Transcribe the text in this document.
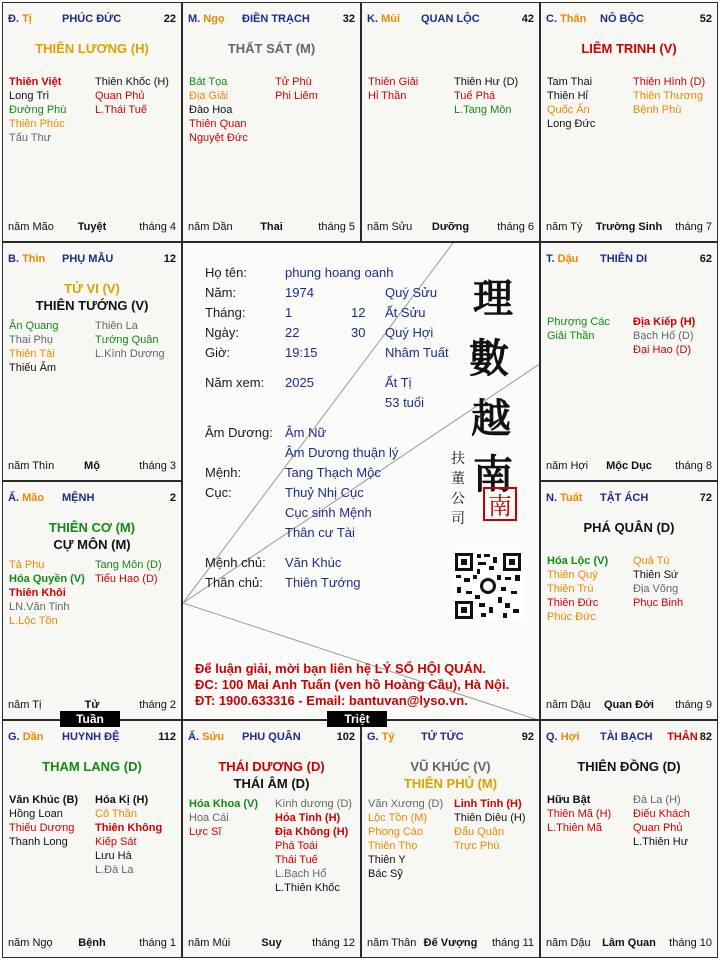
Đ. Tị	PHÚC ĐỨC	22
THIÊN LƯƠNG (H)
Thiên Việt
Long Trì
Đường Phù
Thiên Phúc
Tấu Thư
Thiên Khốc (H)
Quan Phủ
L.Thái Tuế
năm Mão	Tuyệt	tháng 4
M. Ngọ ĐIỀN TRẠCH	32
THẤT SÁT (M)
Bát Tọa
Địa Giải
Đào Hoa
Thiên Quan
Nguyệt Đức
Tử Phù
Phi Liêm
năm Dần	Thai	tháng 5
K. Mùi QUAN LỘC	42
Thiên Giải
Hỉ Thần
Thiên Hư (D)
Tuế Phá
L.Tang Môn
năm Sửu	Dưỡng	tháng 6
C. Thân NÔ BỘC	52
LIÊM TRINH (V)
Tam Thai
Thiên Hỉ
Quốc Ấn
Long Đức
Thiên Hình (D)
Thiên Thương
Bệnh Phù
năm Tý	Trường Sinh	tháng 7
B. Thìn PHỤ MẪU	12
TỬ VI (V)
THIÊN TƯỚNG (V)
Ân Quang
Thai Phụ
Thiên Tài
Thiếu Âm
Thiên La
Tướng Quân
L.Kình Dương
năm Thìn	Mộ	tháng 3
T. Dậu THIÊN DI	62
Phượng Các
Giải Thần
Địa Kiếp (H)
Bạch Hổ (D)
Đại Hao (D)
năm Hợi	Mộc Dục	tháng 8
Ấ. Mão MỆNH	2
THIÊN CƠ (M)
CỰ MÔN (M)
Tả Phụ
Hóa Quyền (V)
Thiên Khôi
LN.Văn Tinh
L.Lộc Tồn
Tang Môn (D)
Tiểu Hao (D)
năm Tị	Tử	tháng 2
N. Tuất TẬT ÁCH	72
PHÁ QUÂN (D)
Hóa Lộc (V)
Thiên Quý
Thiên Trù
Thiên Đức
Phúc Đức
Quả Tú
Thiên Sứ
Địa Võng
Phục Binh
năm Dậu	Quan Đới	tháng 9
G. Dần HUYNH ĐỆ	112
THAM LANG (D)
Văn Khúc (B)
Hồng Loan
Thiếu Dương
Thanh Long
Hóa Kị (H)
Cô Thần
Thiên Không
Kiếp Sát
Lưu Hà
L.Đà La
năm Ngọ	Bệnh	tháng 1
Ấ. Sửu PHU QUÂN	102
THÁI DƯƠNG (D)
THÁI ÂM (D)
Hóa Khoa (V)
Hoa Cái
Lực Sĩ
Kình dương (D)
Hỏa Tinh (H)
Địa Không (H)
Phá Toái
Thái Tuế
L.Bạch Hổ
L.Thiên Khốc
năm Mùi	Suy	tháng 12
G. Tý TỬ TỨC	92
VŨ KHÚC (V)
THIÊN PHỦ (M)
Văn Xương (D)
Lộc Tồn (M)
Phong Cáo
Thiên Thọ
Thiên Y
Bác Sỹ
Linh Tinh (H)
Thiên Diêu (H)
Đẩu Quân
Trực Phù
năm Thân Đế Vượng	tháng 11
Q. Hợi TÀI BẠCH THÂN 82
THIÊN ĐỒNG (D)
Hữu Bật
Thiên Mã (H)
L.Thiên Mã
Đà La (H)
Điếu Khách
Quan Phủ
L.Thiên Hư
năm Dậu	Lâm Quan	tháng 10
Họ tên:	phung hoang oanh
Năm:	1974	Quý Sửu
Tháng:	1	12 Ất Sửu
Ngày:	22	30 Quý Hợi
Giờ:	19:15	Nhâm Tuất
Năm xem: 2025	Ất Tị
53 tuổi
Âm Dương: Âm Nữ
Âm Dương thuận lý
Mệnh:	Tang Thạch Mộc
Cục:	Thuỷ Nhị Cục
Cục sinh Mệnh
Thân cư Tài
Mệnh chủ: Văn Khúc
Thân chủ: Thiên Tướng
理
數
越
南
扶
董
公
司 南
Để luận giải, mời bạn liên hệ LÝ SỐ HỘI QUÁN.
ĐC: 100 Mai Anh Tuấn (ven hồ Hoàng Cầu), Hà Nội.
ĐT: 1900.633316 - Email: bantuvan@lyso.vn.
Tuần	Triệt
